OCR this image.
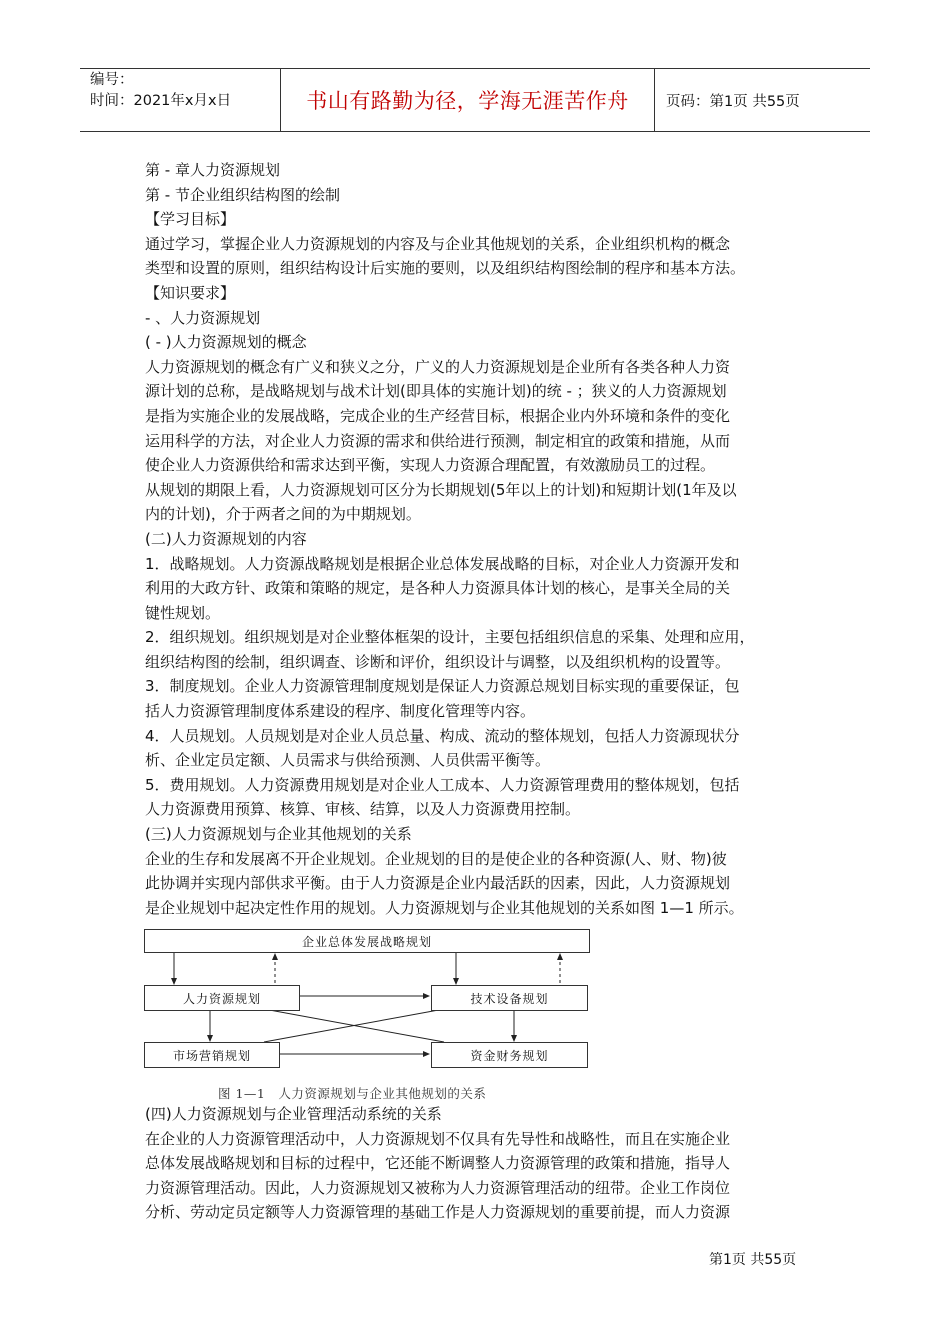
编号：
时间：2021年x月x日	书山有路勤为径，学海无涯苦作舟	页码：第1页 共55页

第 - 章人力资源规划

第 - 节企业组织结构图的绘制

【学习目标】

通过学习，掌握企业人力资源规划的内容及与企业其他规划的关系，企业组织机构的概念

类型和设置的原则，组织结构设计后实施的要则，以及组织结构图绘制的程序和基本方法。

【知识要求】

- 、人力资源规划

( - )人力资源规划的概念

人力资源规划的概念有广义和狭义之分，广义的人力资源规划是企业所有各类各种人力资

源计划的总称，是战略规划与战术计划(即具体的实施计划)的统 - ；狭义的人力资源规划

是指为实施企业的发展战略，完成企业的生产经营目标，根据企业内外环境和条件的变化

运用科学的方法，对企业人力资源的需求和供给进行预测，制定相宜的政策和措施，从而

使企业人力资源供给和需求达到平衡，实现人力资源合理配置，有效激励员工的过程。

从规划的期限上看，人力资源规划可区分为长期规划(5年以上的计划)和短期计划(1年及以

内的计划)，介于两者之间的为中期规划。

(二)人力资源规划的内容

1．战略规划。人力资源战略规划是根据企业总体发展战略的目标，对企业人力资源开发和

利用的大政方针、政策和策略的规定，是各种人力资源具体计划的核心，是事关全局的关

键性规划。

2．组织规划。组织规划是对企业整体框架的设计，主要包括组织信息的采集、处理和应用，

组织结构图的绘制，组织调查、诊断和评价，组织设计与调整，以及组织机构的设置等。

3．制度规划。企业人力资源管理制度规划是保证人力资源总规划目标实现的重要保证，包

括人力资源管理制度体系建设的程序、制度化管理等内容。

4．人员规划。人员规划是对企业人员总量、构成、流动的整体规划，包括人力资源现状分

析、企业定员定额、人员需求与供给预测、人员供需平衡等。

5．费用规划。人力资源费用规划是对企业人工成本、人力资源管理费用的整体规划，包括

人力资源费用预算、核算、审核、结算，以及人力资源费用控制。

(三)人力资源规划与企业其他规划的关系

企业的生存和发展离不开企业规划。企业规划的目的是使企业的各种资源(人、财、物)彼

此协调并实现内部供求平衡。由于人力资源是企业内最活跃的因素，因此，人力资源规划

是企业规划中起决定性作用的规划。人力资源规划与企业其他规划的关系如图 1—1 所示。

企业总体发展战略规划
人力资源规划	技术设备规划
市场营销规划	资金财务规划
图 1—1　人力资源规划与企业其他规划的关系

(四)人力资源规划与企业管理活动系统的关系

在企业的人力资源管理活动中，人力资源规划不仅具有先导性和战略性，而且在实施企业

总体发展战略规划和目标的过程中，它还能不断调整人力资源管理的政策和措施，指导人

力资源管理活动。因此，人力资源规划又被称为人力资源管理活动的纽带。企业工作岗位

分析、劳动定员定额等人力资源管理的基础工作是人力资源规划的重要前提，而人力资源

第1页 共55页
